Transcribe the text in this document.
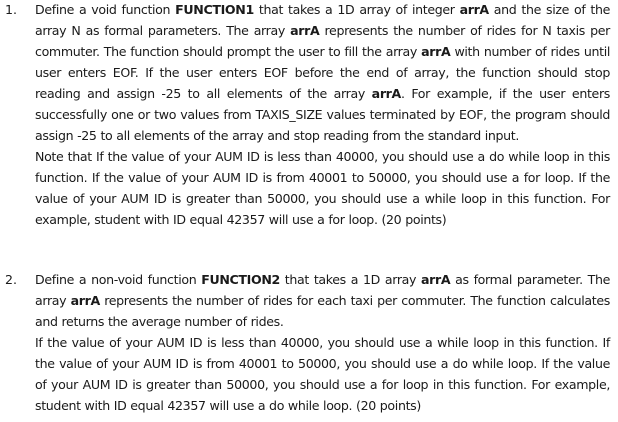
1.	Define a void function FUNCTION1 that takes a 1D array of integer arrA and the size of the array N as formal parameters. The array arrA represents the number of rides for N taxis per commuter. The function should prompt the user to fill the array arrA with number of rides until user enters EOF. If the user enters EOF before the end of array, the function should stop reading and assign -25 to all elements of the array arrA. For example, if the user enters successfully one or two values from TAXIS_SIZE values terminated by EOF, the program should assign -25 to all elements of the array and stop reading from the standard input.

Note that If the value of your AUM ID is less than 40000, you should use a do while loop in this function. If the value of your AUM ID is from 40001 to 50000, you should use a for loop. If the value of your AUM ID is greater than 50000, you should use a while loop in this function. For example, student with ID equal 42357 will use a for loop. (20 points)

2.	Define a non-void function FUNCTION2 that takes a 1D array arrA as formal parameter. The array arrA represents the number of rides for each taxi per commuter. The function calculates and returns the average number of rides.

If the value of your AUM ID is less than 40000, you should use a while loop in this function. If the value of your AUM ID is from 40001 to 50000, you should use a do while loop. If the value of your AUM ID is greater than 50000, you should use a for loop in this function. For example, student with ID equal 42357 will use a do while loop. (20 points)
